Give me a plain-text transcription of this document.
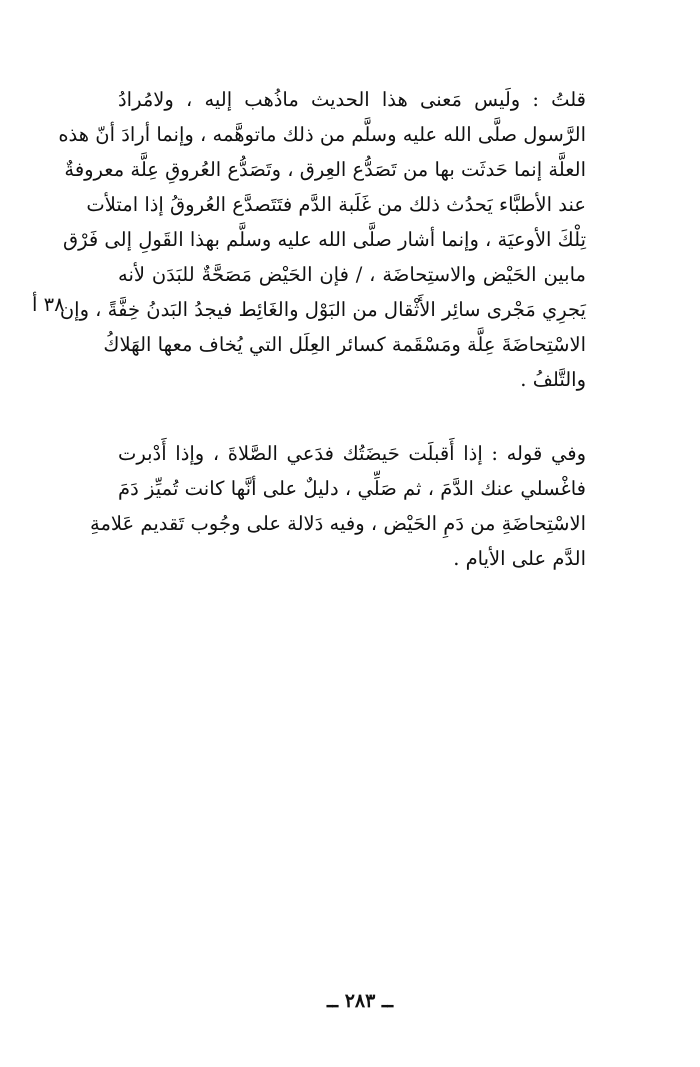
قلتُ : ولَيس مَعنى هذا الحديث ماذُهب إليه ، ولامُرادُ
الرَّسول صلَّى الله عليه وسلَّم من ذلك ماتوهَّمه ، وإنما أرادَ أنّ هذه
العلَّة إنما حَدثَت بها من تَصَدُّع العِرق ، وتَصَدُّع العُروقِ عِلَّة معروفةٌ
عند الأطبَّاء يَحدُث ذلك من غَلَبة الدَّم فتَتَصدَّع العُروقُ إذا امتلأت
تِلْكَ الأوعيَة ، وإنما أشار صلَّى الله عليه وسلَّم بهذا القَولِ إلى فَرْق
مابين الحَيْض والاستِحاضَة ، / فإن الحَيْض مَصَحَّةٌ للبَدَن لأنه
يَجرِي مَجْرى سائِر الأَثْقال من البَوْل والغَائِط فيجدُ البَدنُ خِفَّةً ، وإن
الاسْتِحاضَةَ عِلَّة ومَسْقَمة كسائر العِلَل التي يُخاف معها الهَلاكُ
والتَّلفُ .
٣٨ أ
وفي قوله : إذا أَقبلَت حَيضَتُك فدَعي الصَّلاةَ ، وإذا أَدْبرت
فاغْسلي عنك الدَّمَ ، ثم صَلِّي ، دليلٌ على أنَّها كانت تُميِّز دَمَ
الاسْتِحاضَةِ من دَمِ الحَيْض ، وفيه دَلالة على وجُوب تَقديم عَلامةِ
الدَّم على الأيام .
ــ ٢٨٣ ــ
